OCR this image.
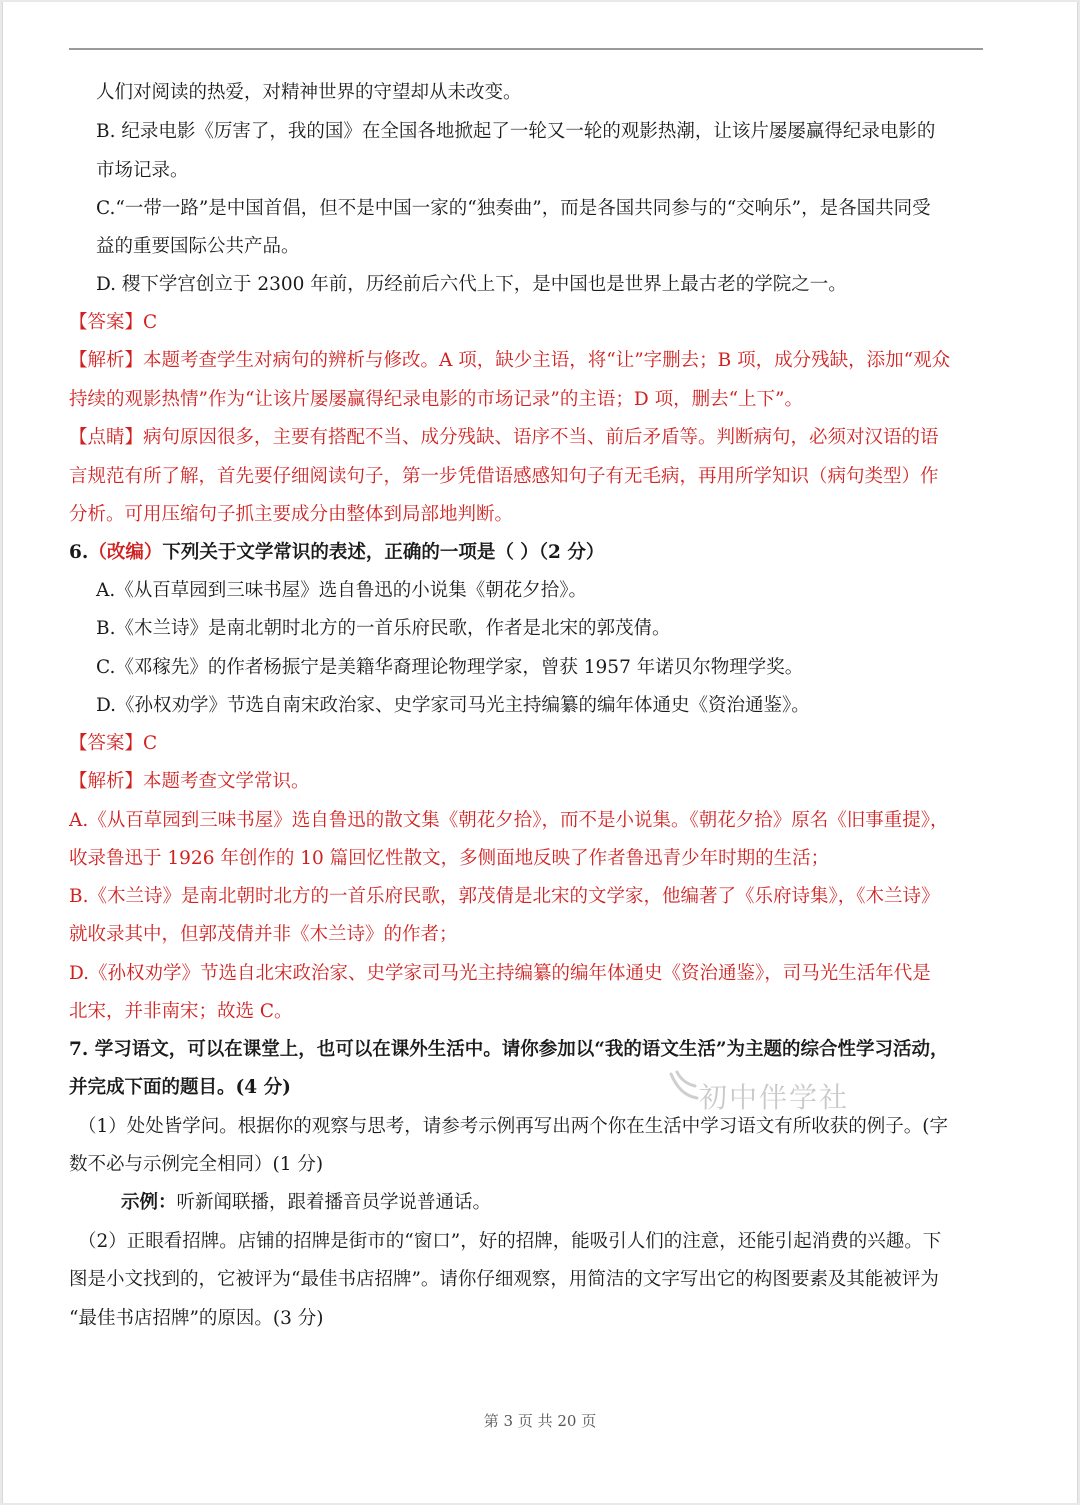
人们对阅读的热爱，对精神世界的守望却从未改变。
B. 纪录电影《厉害了，我的国》在全国各地掀起了一轮又一轮的观影热潮，让该片屡屡赢得纪录电影的
市场记录。
C.“一带一路”是中国首倡，但不是中国一家的“独奏曲”，而是各国共同参与的“交响乐”，是各国共同受
益的重要国际公共产品。
D. 稷下学宫创立于 2300 年前，历经前后六代上下，是中国也是世界上最古老的学院之一。
【答案】C
【解析】本题考查学生对病句的辨析与修改。A 项，缺少主语，将“让”字删去；B 项，成分残缺，添加“观众
持续的观影热情”作为“让该片屡屡赢得纪录电影的市场记录”的主语；D 项，删去“上下”。
【点睛】病句原因很多，主要有搭配不当、成分残缺、语序不当、前后矛盾等。判断病句，必须对汉语的语
言规范有所了解，首先要仔细阅读句子，第一步凭借语感感知句子有无毛病，再用所学知识（病句类型）作
分析。可用压缩句子抓主要成分由整体到局部地判断。
6.（改编）下列关于文学常识的表述，正确的一项是（ ）（2 分）
A.《从百草园到三味书屋》选自鲁迅的小说集《朝花夕拾》。
B.《木兰诗》是南北朝时北方的一首乐府民歌，作者是北宋的郭茂倩。
C.《邓稼先》的作者杨振宁是美籍华裔理论物理学家，曾获 1957 年诺贝尔物理学奖。
D.《孙权劝学》节选自南宋政治家、史学家司马光主持编纂的编年体通史《资治通鉴》。
【答案】C
【解析】本题考查文学常识。
A.《从百草园到三味书屋》选自鲁迅的散文集《朝花夕拾》，而不是小说集。《朝花夕拾》原名《旧事重提》，
收录鲁迅于 1926 年创作的 10 篇回忆性散文，多侧面地反映了作者鲁迅青少年时期的生活；
B.《木兰诗》是南北朝时北方的一首乐府民歌，郭茂倩是北宋的文学家，他编著了《乐府诗集》，《木兰诗》
就收录其中，但郭茂倩并非《木兰诗》的作者；
D.《孙权劝学》节选自北宋政治家、史学家司马光主持编纂的编年体通史《资治通鉴》，司马光生活年代是
北宋，并非南宋；故选 C。
7. 学习语文，可以在课堂上，也可以在课外生活中。请你参加以“我的语文生活”为主题的综合性学习活动，
并完成下面的题目。(4 分)
（1）处处皆学问。根据你的观察与思考，请参考示例再写出两个你在生活中学习语文有所收获的例子。(字
数不必与示例完全相同）(1 分)
示例：听新闻联播，跟着播音员学说普通话。
（2）正眼看招牌。店铺的招牌是街市的“窗口”，好的招牌，能吸引人们的注意，还能引起消费的兴趣。下
图是小文找到的，它被评为“最佳书店招牌”。请你仔细观察，用简洁的文字写出它的构图要素及其能被评为
“最佳书店招牌”的原因。(3 分)
初中伴学社
第 3 页 共 20 页
